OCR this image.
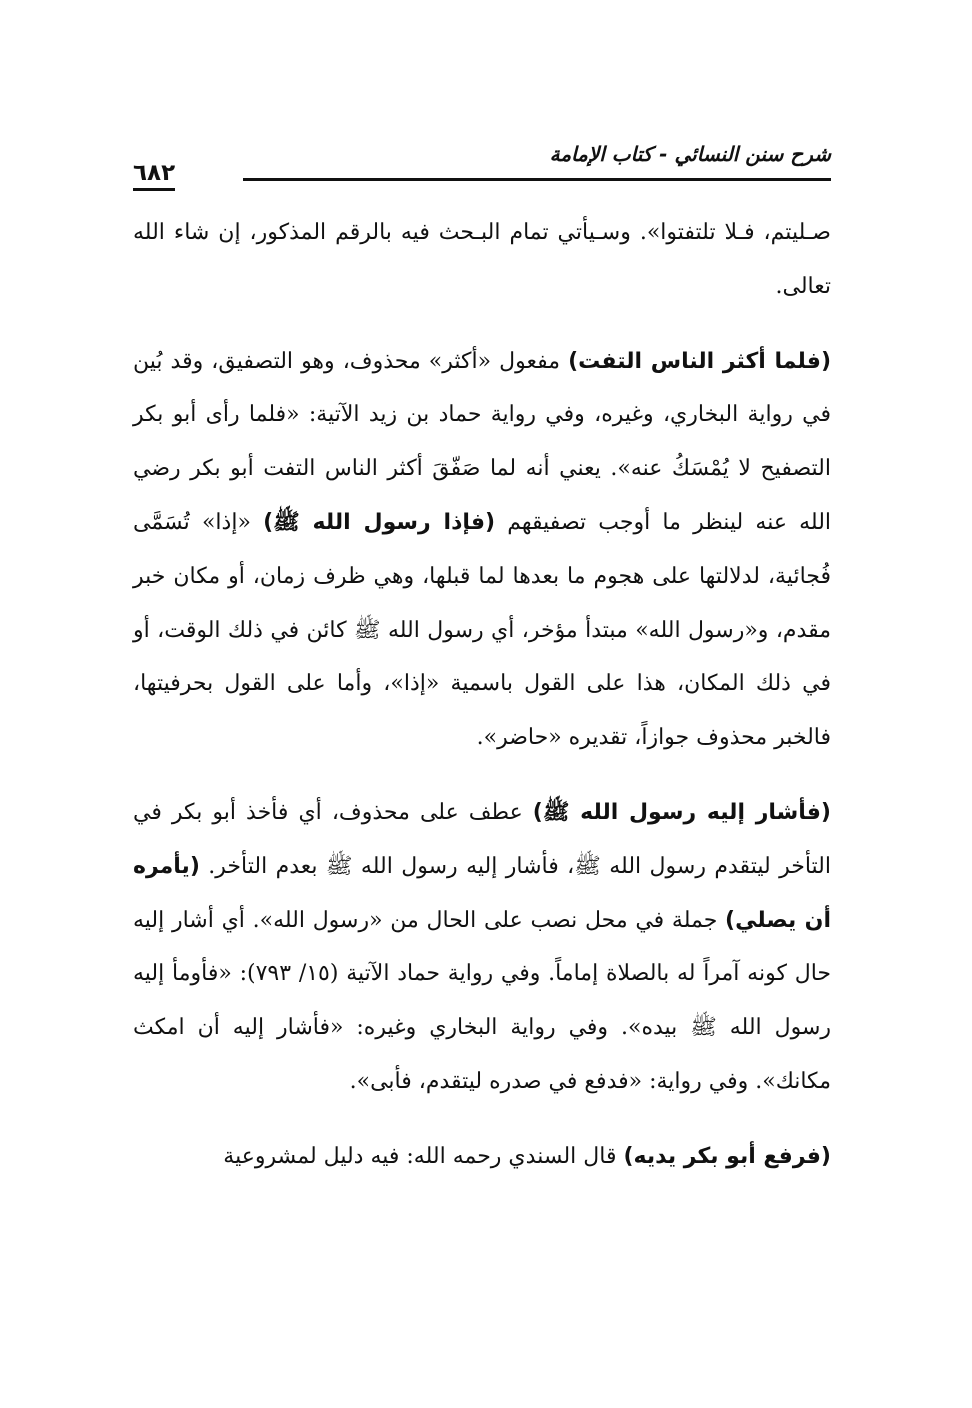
شرح سنن النسائي - كتاب الإمامة
٦٨٢

صـليتم، فـلا تلتفتوا». وسـيأتي تمام البـحث فيه بالرقم المذكور، إن شاء الله تعالى.

(فلما أكثر الناس التفت) مفعول «أكثر» محذوف، وهو التصفيق، وقد بُين في رواية البخاري، وغيره، وفي رواية حماد بن زيد الآتية: «فلما رأى أبو بكر التصفيح لا يُمْسَكُ عنه». يعني أنه لما صَفّقَ أكثر الناس التفت أبو بكر رضي الله عنه لينظر ما أوجب تصفيقهم (فإذا رسول الله ﷺ) «إذا» تُسَمَّى فُجائية، لدلالتها على هجوم ما بعدها لما قبلها، وهي ظرف زمان، أو مكان خبر مقدم، و«رسول الله» مبتدأ مؤخر، أي رسول الله ﷺ كائن في ذلك الوقت، أو في ذلك المكان، هذا على القول باسمية «إذا»، وأما على القول بحرفيتها، فالخبر محذوف جوازاً، تقديره «حاضر».

(فأشار إليه رسول الله ﷺ) عطف على محذوف، أي فأخذ أبو بكر في التأخر ليتقدم رسول الله ﷺ، فأشار إليه رسول الله ﷺ بعدم التأخر. (يأمره أن يصلي) جملة في محل نصب على الحال من «رسول الله». أي أشار إليه حال كونه آمراً له بالصلاة إماماً. وفي رواية حماد الآتية (١٥/ ٧٩٣): «فأومأ إليه رسول الله ﷺ بيده». وفي رواية البخاري وغيره: «فأشار إليه أن امكث مكانك». وفي رواية: «فدفع في صدره ليتقدم، فأبى».

(فرفع أبو بكر يديه) قال السندي رحمه الله: فيه دليل لمشروعية
